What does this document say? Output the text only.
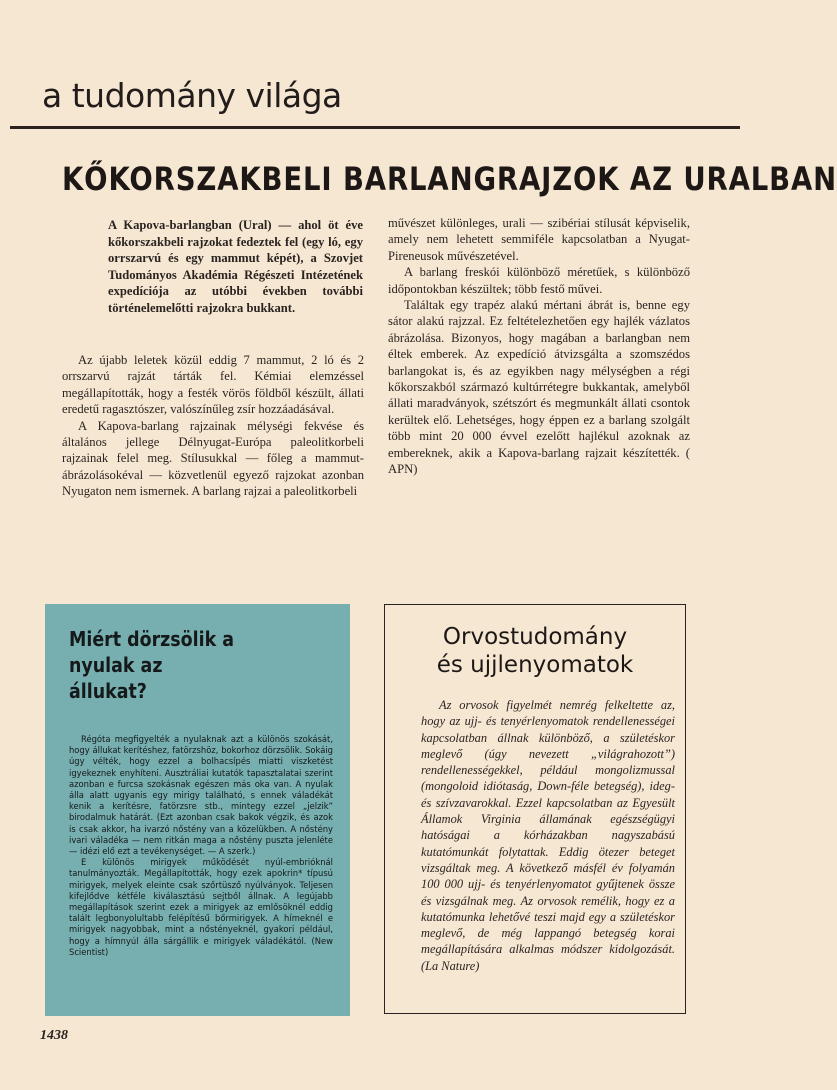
a tudomány világa
KŐKORSZAKBELI BARLANGRAJZOK AZ URALBAN
A Kapova-barlangban (Ural) — ahol öt éve kőkorszakbeli rajzokat fedeztek fel (egy ló, egy orrszarvú és egy mammut képét), a Szovjet Tudományos Akadémia Régészeti Intézetének expedíciója az utóbbi években további történelemelőtti rajzokra bukkant.

Az újabb leletek közül eddig 7 mammut, 2 ló és 2 orrszarvú rajzát tárták fel. Kémiai elemzéssel megállapították, hogy a festék vörös földből készült, állati eredetű ragasztószer, valószínűleg zsír hozzáadásával.

A Kapova-barlang rajzainak mélységi fekvése és általános jellege Délnyugat-Európa paleolitkorbeli rajzainak felel meg. Stílusukkal — főleg a mammut-ábrázolásokéval — közvetlenül egyező rajzokat azonban Nyugaton nem ismernek. A barlang rajzai a paleolitkorbeli

művészet különleges, urali — szibériai stílusát képviselik, amely nem lehetett semmiféle kapcsolatban a Nyugat-Pireneusok művészetével.

A barlang freskói különböző méretűek, s különböző időpontokban készültek; több festő művei.

Találtak egy trapéz alakú mértani ábrát is, benne egy sátor alakú rajzzal. Ez feltételezhetően egy hajlék vázlatos ábrázolása. Bizonyos, hogy magában a barlangban nem éltek emberek. Az expedíció átvizsgálta a szomszédos barlangokat is, és az egyikben nagy mélységben a régi kőkorszakból származó kultúrrétegre bukkantak, amelyből állati maradványok, szétszórt és megmunkált állati csontok kerültek elő. Lehetséges, hogy éppen ez a barlang szolgált több mint 20 000 évvel ezelőtt hajlékul azoknak az embereknek, akik a Kapova-barlang rajzait készítették. ( APN)

Miért dörzsölik a nyulak az állukat?

Régóta megfigyelték a nyulaknak azt a különös szokását, hogy állukat kerítéshez, fatörzshöz, bokorhoz dörzsölik. Sokáig úgy vélték, hogy ezzel a bolhacsípés miatti viszketést igyekeznek enyhíteni. Ausztráliai kutatók tapasztalatai szerint azonban e furcsa szokásnak egészen más oka van. A nyulak álla alatt ugyanis egy mirigy található, s ennek váladékát kenik a kerítésre, fatörzsre stb., mintegy ezzel „jelzik” birodalmuk határát. (Ezt azonban csak bakok végzik, és azok is csak akkor, ha ivarzó nőstény van a közelükben. A nőstény ivari váladéka — nem ritkán maga a nőstény puszta jelenléte — idézi elő ezt a tevékenységet. — A szerk.)

E különös mirigyek működését nyúl-embrióknál tanulmányozták. Megállapították, hogy ezek apokrin* típusú mirigyek, melyek eleinte csak szőrtüsző nyúlványok. Teljesen kifejlődve kétféle kiválasztású sejtből állnak. A legújabb megállapítások szerint ezek a mirigyek az emlősöknél eddig talált legbonyolultabb felépítésű bőrmirigyek. A hímeknél e mirigyek nagyobbak, mint a nőstényeknél, gyakori például, hogy a hímnyúl álla sárgállik e mirigyek váladékától. (New Scientist)

Orvostudomány
és ujjlenyomatok

Az orvosok figyelmét nemrég felkeltette az, hogy az ujj- és tenyérlenyomatok rendellenességei kapcsolatban állnak különböző, a születéskor meglevő (úgy nevezett „világrahozott”) rendellenességekkel, például mongolizmussal (mongoloid idiótaság, Down-féle betegség), ideg- és szívzavarokkal. Ezzel kapcsolatban az Egyesült Államok Virginia államának egészségügyi hatóságai a kórházakban nagyszabású kutatómunkát folytattak. Eddig ötezer beteget vizsgáltak meg. A következő másfél év folyamán 100 000 ujj- és tenyérlenyomatot gyűjtenek össze és vizsgálnak meg. Az orvosok remélik, hogy ez a kutatómunka lehetővé teszi majd egy a születéskor meglevő, de még lappangó betegség korai megállapítására alkalmas módszer kidolgozását. (La Nature)

1438
